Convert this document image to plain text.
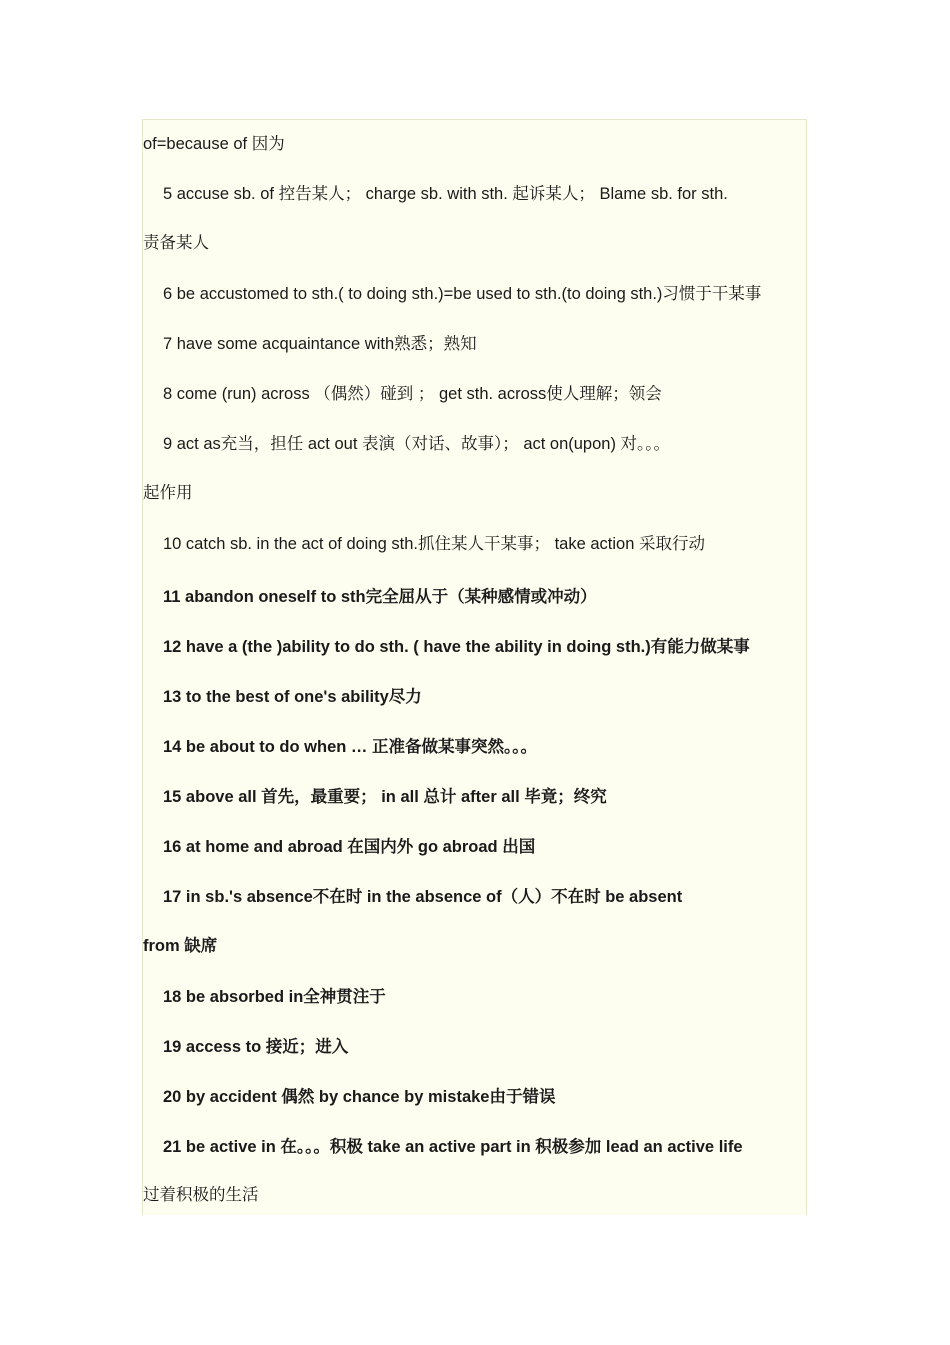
of=because of 因为
5 accuse sb. of 控告某人； charge sb. with sth. 起诉某人； Blame sb. for sth.
责备某人
6 be accustomed to sth.( to doing sth.)=be used to sth.(to doing sth.)习惯于干某事
7 have some acquaintance with熟悉；熟知
8 come (run) across （偶然）碰到 ； get sth. across使人理解；领会
9 act as充当，担任 act out 表演（对话、故事）； act on(upon) 对。。。
起作用
10 catch sb. in the act of doing sth.抓住某人干某事； take action 采取行动
11 abandon oneself to sth完全屈从于（某种感情或冲动）
12 have a (the )ability to do sth. ( have the ability in doing sth.)有能力做某事
13 to the best of one's ability尽力
14 be about to do when … 正准备做某事突然。。。
15 above all 首先，最重要； in all 总计 after all 毕竟；终究
16 at home and abroad 在国内外 go abroad 出国
17 in sb.'s absence不在时 in the absence of（人）不在时 be absent
from 缺席
18 be absorbed in全神贯注于
19 access to 接近；进入
20 by accident 偶然 by chance by mistake由于错误
21 be active in 在。。。积极 take an active part in 积极参加 lead an active life
过着积极的生活
